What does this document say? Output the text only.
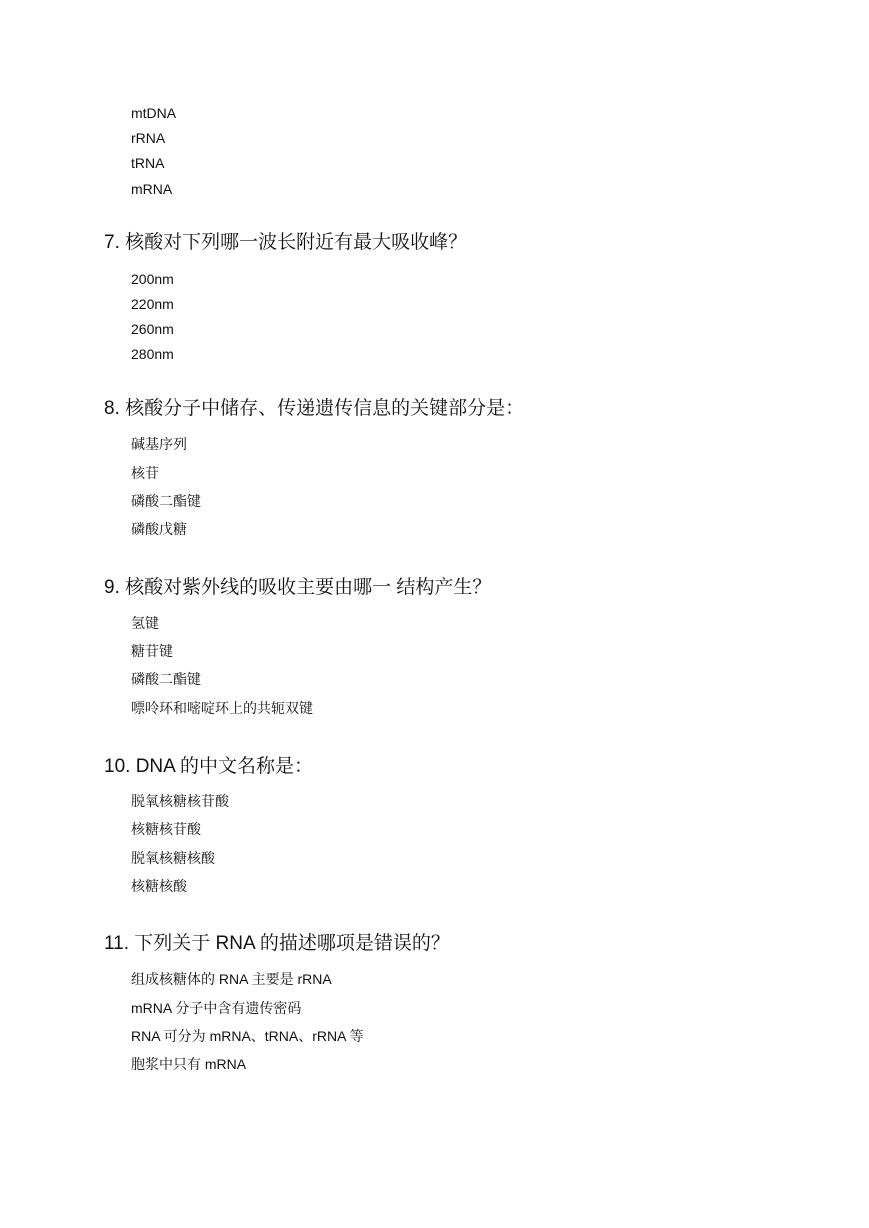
mtDNA
rRNA
tRNA
mRNA
7. 核酸对下列哪一波长附近有最大吸收峰？
200nm
220nm
260nm
280nm
8. 核酸分子中储存、传递遗传信息的关键部分是：
碱基序列
核苷
磷酸二酯键
磷酸戊糖
9. 核酸对紫外线的吸收主要由哪一 结构产生？
氢键
糖苷键
磷酸二酯键
嘌呤环和嘧啶环上的共轭双键
10. DNA 的中文名称是：
脱氧核糖核苷酸
核糖核苷酸
脱氧核糖核酸
核糖核酸
11. 下列关于 RNA 的描述哪项是错误的？
组成核糖体的 RNA 主要是 rRNA
mRNA 分子中含有遗传密码
RNA 可分为 mRNA、tRNA、rRNA 等
胞浆中只有 mRNA
